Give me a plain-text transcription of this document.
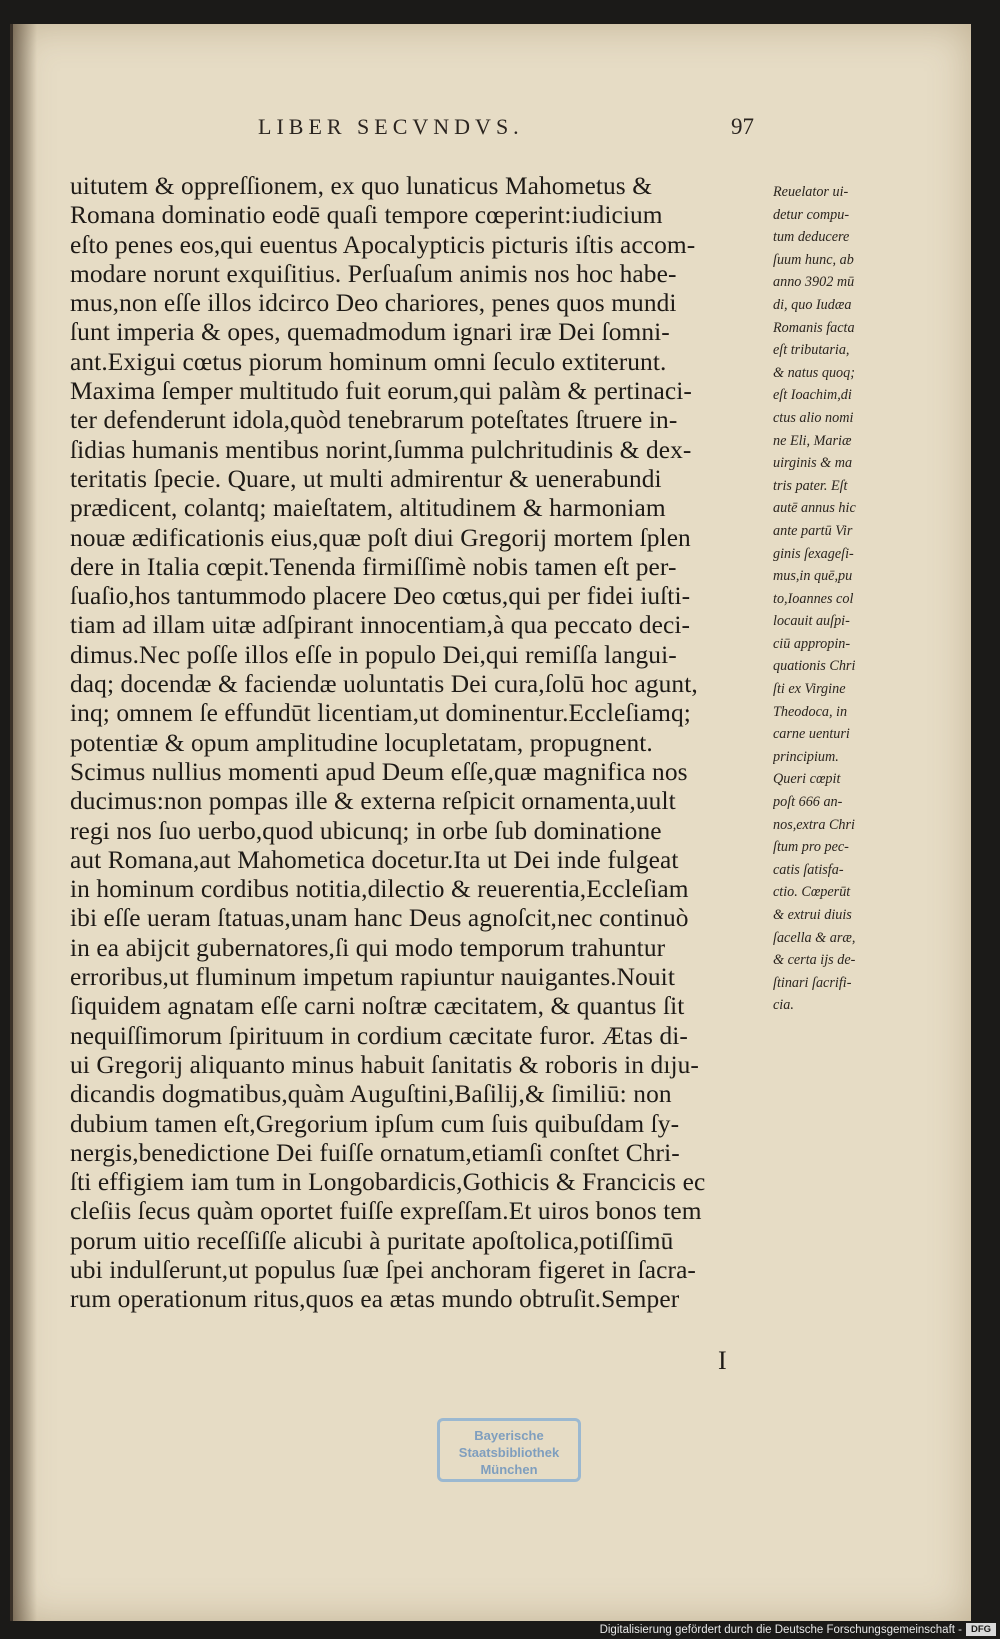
LIBER SECVNDVS.	97
uitutem & oppreſſionem, ex quo lunaticus Mahometus &
Romana dominatio eodē quaſi tempore cœperint:iudicium
eſto penes eos,qui euentus Apocalypticis picturis iſtis accom-
modare norunt exquiſitius. Perſuaſum animis nos hoc habe-
mus,non eſſe illos idcirco Deo chariores, penes quos mundi
ſunt imperia & opes, quemadmodum ignari iræ Dei ſomni-
ant.Exigui cœtus piorum hominum omni ſeculo extiterunt.
Maxima ſemper multitudo fuit eorum,qui palàm & pertinaci-
ter defenderunt idola,quòd tenebrarum poteſtates ſtruere in-
ſidias humanis mentibus norint,ſumma pulchritudinis & dex-
teritatis ſpecie. Quare, ut multi admirentur & uenerabundi
prædicent, colantq; maieſtatem, altitudinem & harmoniam
nouæ ædificationis eius,quæ poſt diui Gregorij mortem ſplen
dere in Italia cœpit.Tenenda firmiſſimè nobis tamen eſt per-
ſuaſio,hos tantummodo placere Deo cœtus,qui per fidei iuſti-
tiam ad illam uitæ adſpirant innocentiam,à qua peccato deci-
dimus.Nec poſſe illos eſſe in populo Dei,qui remiſſa langui-
daq; docendæ & faciendæ uoluntatis Dei cura,ſolū hoc agunt,
inq; omnem ſe effundūt licentiam,ut dominentur.Eccleſiamq;
potentiæ & opum amplitudine locupletatam, propugnent.
Scimus nullius momenti apud Deum eſſe,quæ magnifica nos
ducimus:non pompas ille & externa reſpicit ornamenta,uult
regi nos ſuo uerbo,quod ubicunq; in orbe ſub dominatione
aut Romana,aut Mahometica docetur.Ita ut Dei inde fulgeat
in hominum cordibus notitia,dilectio & reuerentia,Eccleſiam
ibi eſſe ueram ſtatuas,unam hanc Deus agnoſcit,nec continuò
in ea abijcit gubernatores,ſi qui modo temporum trahuntur
erroribus,ut fluminum impetum rapiuntur nauigantes.Nouit
ſiquidem agnatam eſſe carni noſtræ cæcitatem, & quantus ſit
nequiſſimorum ſpirituum in cordium cæcitate furor. Ætas di-
ui Gregorij aliquanto minus habuit ſanitatis & roboris in dıju-
dicandis dogmatibus,quàm Auguſtini,Baſilij,& ſimiliū: non
dubium tamen eſt,Gregorium ipſum cum ſuis quibuſdam ſy-
nergis,benedictione Dei fuiſſe ornatum,etiamſi conſtet Chri-
ſti effigiem iam tum in Longobardicis,Gothicis & Francicis ec
cleſiis ſecus quàm oportet fuiſſe expreſſam.Et uiros bonos tem
porum uitio receſſiſſe alicubi à puritate apoſtolica,potiſſimū
ubi indulſerunt,ut populus ſuæ ſpei anchoram figeret in ſacra-
rum operationum ritus,quos ea ætas mundo obtruſit.Semper
Reuelator ui-
detur compu-
tum deducere
ſuum hunc, ab
anno 3902 mū
di, quo Iudæa
Romanis facta
eſt tributaria,
& natus quoq;
eſt Ioachim,di
ctus alio nomi
ne Eli, Mariæ
uirginis & ma
tris pater. Eſt
autē annus hic
ante partū Vir
ginis ſexageſi-
mus,in quē,pu
to,Ioannes col
locauit auſpi-
ciū appropin-
quationis Chri
ſti ex Virgine
Theodoca, in
carne uenturi
principium.
Queri cœpit
poſt 666 an-
nos,extra Chri
ſtum pro pec-
catis ſatisfa-
ctio. Cœperūt
& extrui diuis
ſacella & aræ,
& certa ijs de-
ſtinari ſacrifi-
cia.
I
Bayerische
Staatsbibliothek
München
Digitalisierung gefördert durch die Deutsche Forschungsgemeinschaft - DFG
